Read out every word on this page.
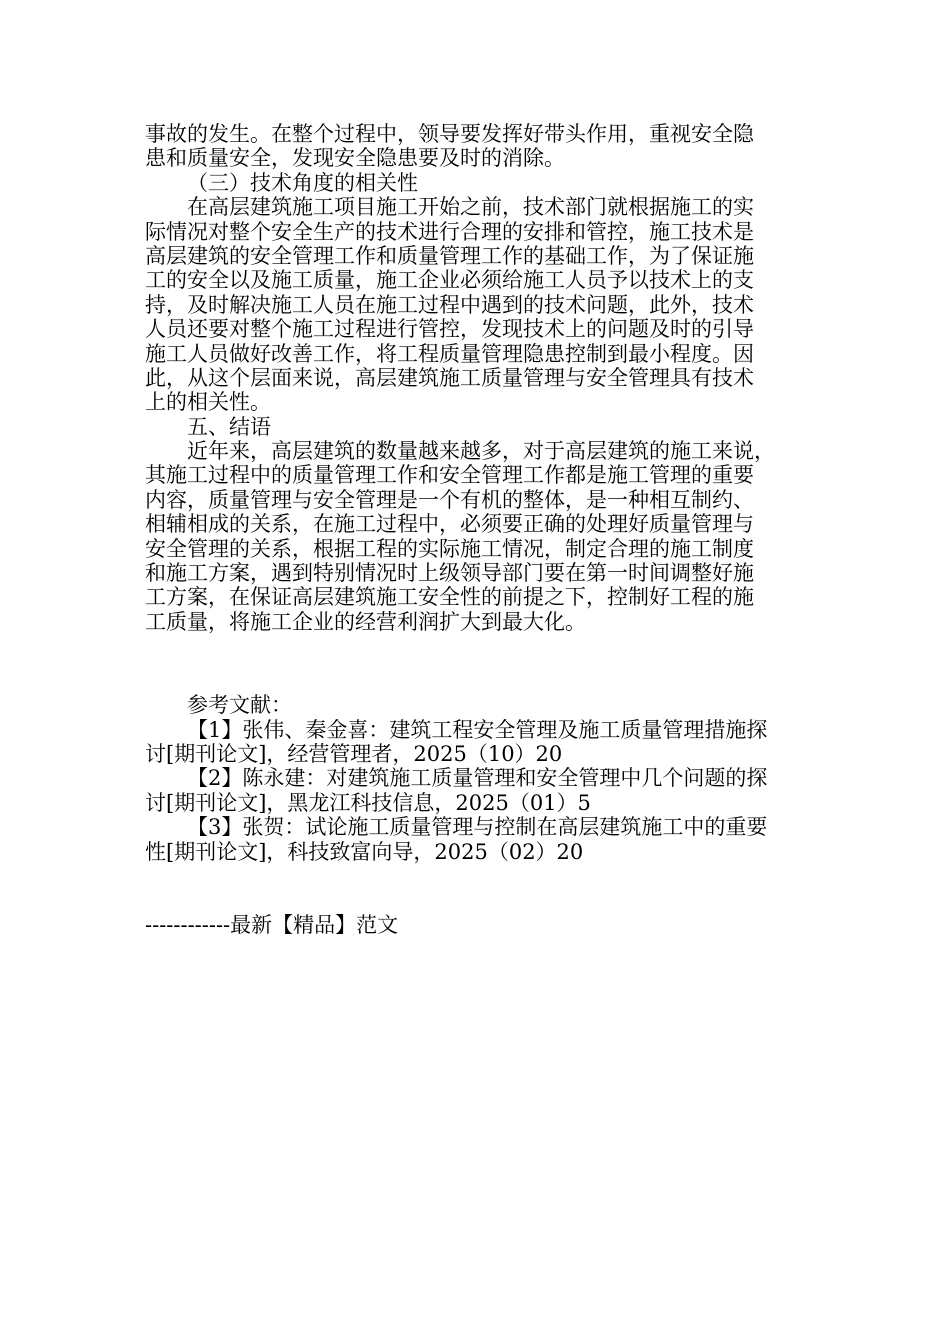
事故的发生。在整个过程中，领导要发挥好带头作用，重视安全隐

患和质量安全，发现安全隐患要及时的消除。

（三）技术角度的相关性

在高层建筑施工项目施工开始之前，技术部门就根据施工的实

际情况对整个安全生产的技术进行合理的安排和管控，施工技术是

高层建筑的安全管理工作和质量管理工作的基础工作，为了保证施

工的安全以及施工质量，施工企业必须给施工人员予以技术上的支

持，及时解决施工人员在施工过程中遇到的技术问题，此外，技术

人员还要对整个施工过程进行管控，发现技术上的问题及时的引导

施工人员做好改善工作，将工程质量管理隐患控制到最小程度。因

此，从这个层面来说，高层建筑施工质量管理与安全管理具有技术

上的相关性。

五、结语

近年来，高层建筑的数量越来越多，对于高层建筑的施工来说，

其施工过程中的质量管理工作和安全管理工作都是施工管理的重要

内容，质量管理与安全管理是一个有机的整体，是一种相互制约、

相辅相成的关系，在施工过程中，必须要正确的处理好质量管理与

安全管理的关系，根据工程的实际施工情况，制定合理的施工制度

和施工方案，遇到特别情况时上级领导部门要在第一时间调整好施

工方案，在保证高层建筑施工安全性的前提之下，控制好工程的施

工质量，将施工企业的经营利润扩大到最大化。

参考文献：

【1】张伟、秦金喜：建筑工程安全管理及施工质量管理措施探

讨[期刊论文]，经营管理者，2025（10）20

【2】陈永建：对建筑施工质量管理和安全管理中几个问题的探

讨[期刊论文]，黑龙江科技信息，2025（01）5

【3】张贺：试论施工质量管理与控制在高层建筑施工中的重要

性[期刊论文]，科技致富向导，2025（02）20

------------最新【精品】范文
